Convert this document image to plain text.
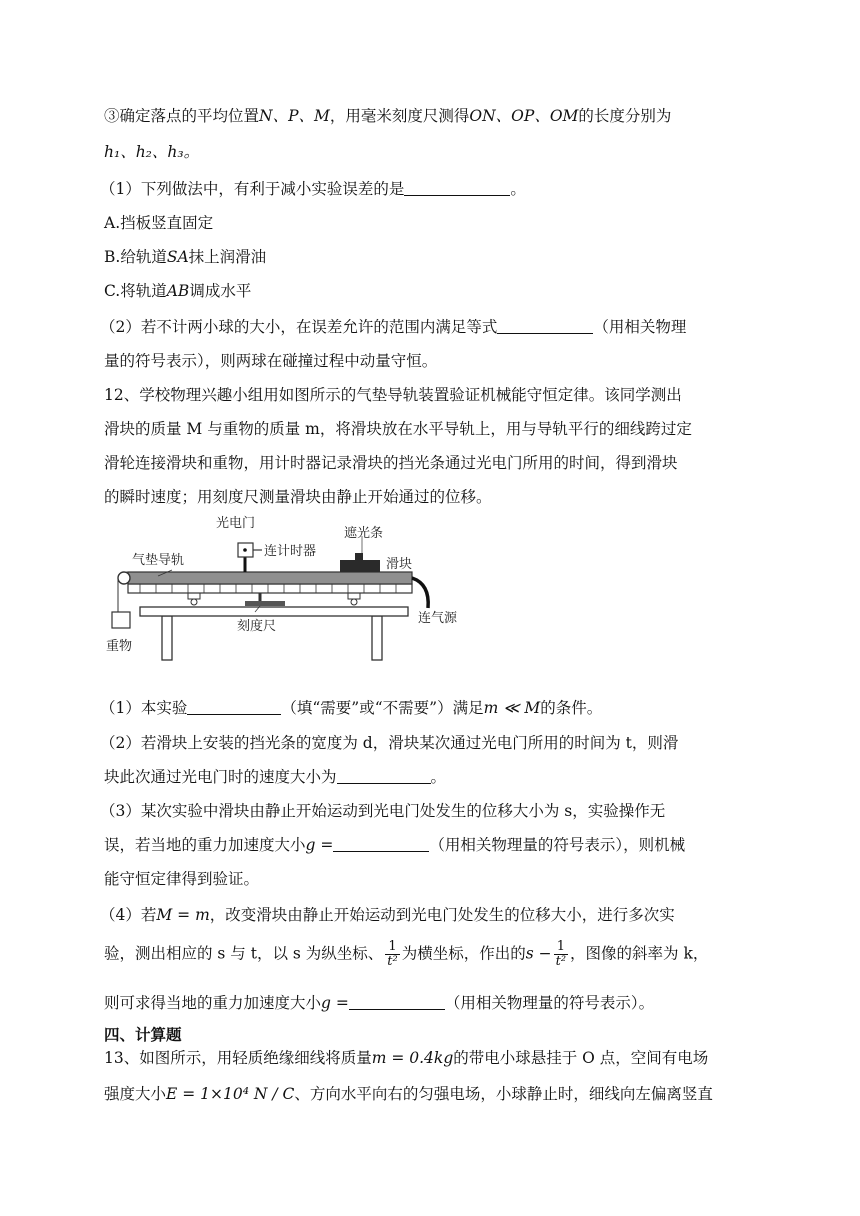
③确定落点的平均位置N、P、M，用毫米刻度尺测得ON、OP、OM的长度分别为
h₁、h₂、h₃。
（1）下列做法中，有利于减小实验误差的是	。
A.挡板竖直固定
B.给轨道SA抹上润滑油
C.将轨道AB调成水平
（2）若不计两小球的大小，在误差允许的范围内满足等式	（用相关物理
量的符号表示），则两球在碰撞过程中动量守恒。
12、学校物理兴趣小组用如图所示的气垫导轨装置验证机械能守恒定律。该同学测出
滑块的质量 M 与重物的质量 m，将滑块放在水平导轨上，用与导轨平行的细线跨过定
滑轮连接滑块和重物，用计时器记录滑块的挡光条通过光电门所用的时间，得到滑块
的瞬时速度；用刻度尺测量滑块由静止开始通过的位移。
光电门
连计时器
遮光条
气垫导轨	滑块
连气源
刻度尺
重物
（1）本实验	（填“需要”或“不需要”）满足m ≪ M的条件。
（2）若滑块上安装的挡光条的宽度为 d，滑块某次通过光电门所用的时间为 t，则滑
块此次通过光电门时的速度大小为	。
（3）某次实验中滑块由静止开始运动到光电门处发生的位移大小为 s，实验操作无
误，若当地的重力加速度大小g =	（用相关物理量的符号表示），则机械
能守恒定律得到验证。
（4）若M = m，改变滑块由静止开始运动到光电门处发生的位移大小，进行多次实
验，测出相应的 s 与 t，以 s 为纵坐标、 $\frac{1}{\text{t²}}$ 为横坐标，作出的$s - \frac{1}{\text{t²}}$ ，图像的斜率为 k，
则可求得当地的重力加速度大小g =	（用相关物理量的符号表示）。
四、计算题
13、如图所示，用轻质绝缘细线将质量m = 0.4kg的带电小球悬挂于 O 点，空间有电场
强度大小E = 1×10⁴ N / C、方向水平向右的匀强电场，小球静止时，细线向左偏离竖直
